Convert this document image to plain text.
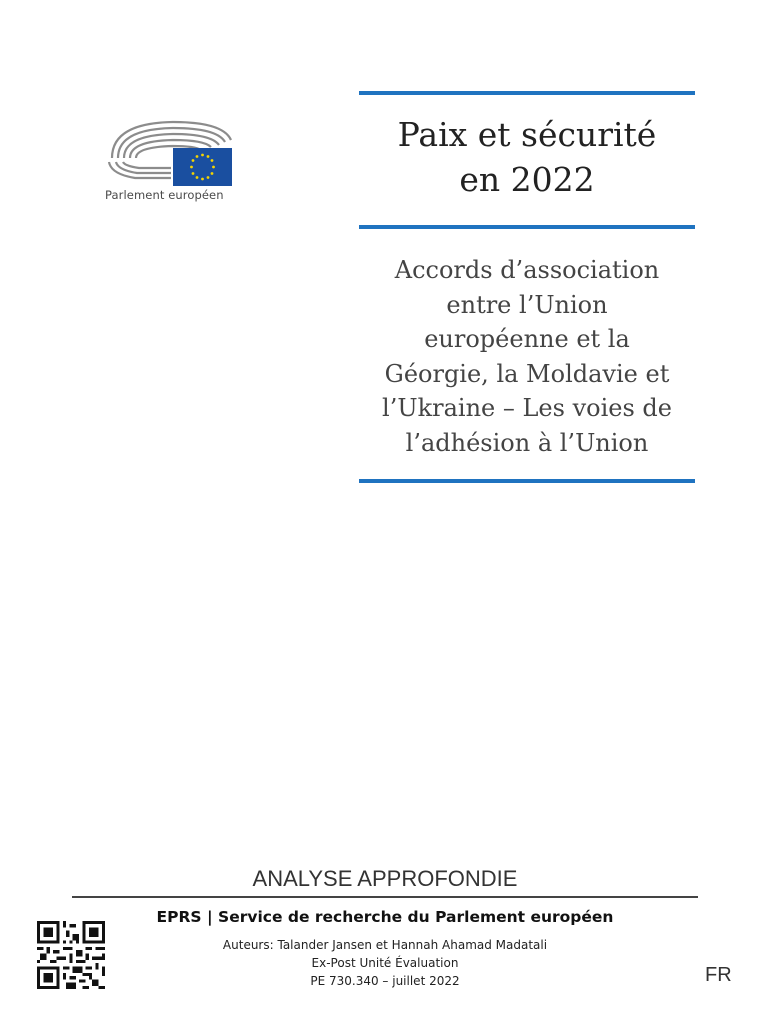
Parlement européen
Paix et sécurité
en 2022
Accords d’association
entre l’Union
européenne et la
Géorgie, la Moldavie et
l’Ukraine – Les voies de
l’adhésion à l’Union
ANALYSE APPROFONDIE
EPRS | Service de recherche du Parlement européen
Auteurs: Talander Jansen et Hannah Ahamad Madatali
Ex-Post Unité Évaluation
PE 730.340 – juillet 2022	FR
